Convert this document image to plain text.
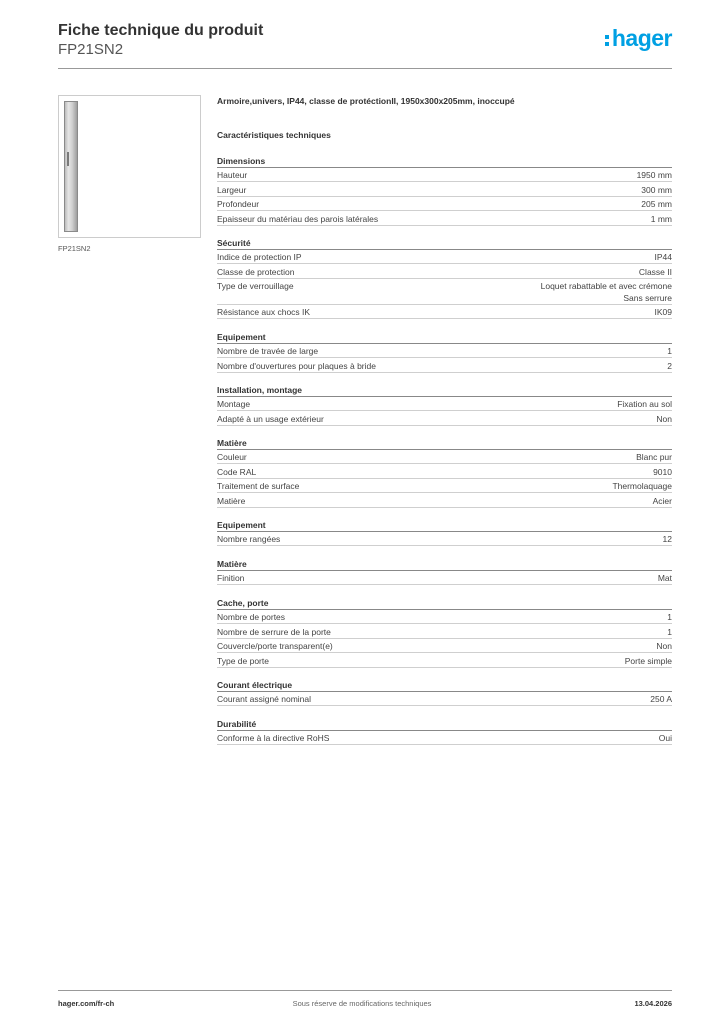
Fiche technique du produit
FP21SN2	hager
FP21SN2
Armoire,univers, IP44, classe de protéctionII, 1950x300x205mm, inoccupé
Caractéristiques techniques
Dimensions
Hauteur	1950 mm
Largeur	300 mm
Profondeur	205 mm
Epaisseur du matériau des parois latérales	1 mm
Sécurité
Indice de protection IP	IP44
Classe de protection	Classe II
Type de verrouillage	Loquet rabattable et avec crémone
Sans serrure
Résistance aux chocs IK	IK09
Equipement
Nombre de travée de large	1
Nombre d'ouvertures pour plaques à bride	2
Installation, montage
Montage	Fixation au sol
Adapté à un usage extérieur	Non
Matière
Couleur	Blanc pur
Code RAL	9010
Traitement de surface	Thermolaquage
Matière	Acier
Equipement
Nombre rangées	12
Matière
Finition	Mat
Cache, porte
Nombre de portes	1
Nombre de serrure de la porte	1
Couvercle/porte transparent(e)	Non
Type de porte	Porte simple
Courant électrique
Courant assigné nominal	250 A
Durabilité
Conforme à la directive RoHS	Oui
hager.com/fr-ch	Sous réserve de modifications techniques	13.04.2026
